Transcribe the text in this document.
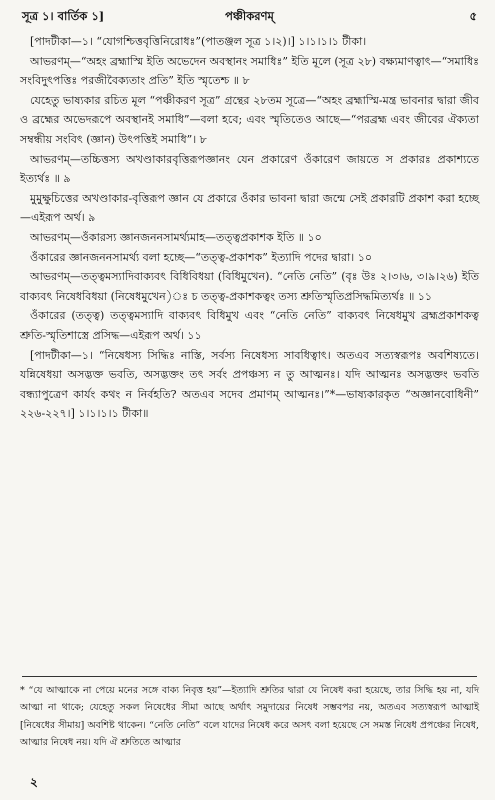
সূত্র ১। বার্তিক ১]	পঞ্চীকরণম্	৫

[পাদটীকা—১। “যোগশ্চিত্তবৃত্তিনিরোধঃ”(পাতঞ্জল সূত্র ১।২)।] ১।১।১।১ টীকা।

আভরণম্—“অহং ব্রহ্মাস্মি ইতি অভেদেন অবস্থানং সমাধিঃ” ইতি মূলে (সূত্র ২৮) বক্ষ্যমাণত্বাৎ—“সমাধিঃ সংবিদুৎপত্তিঃ পরজীবৈক্যতাং প্রতি” ইতি স্মৃতেশ্চ ॥ ৮

যেহেতু ভাষ্যকার রচিত মূল “পঞ্চীকরণ সূত্র” গ্রন্থের ২৮তম সূত্রে—“অহং ব্রহ্মাস্মি-মন্ত্র ভাবনার দ্বারা জীব ও ব্রহ্মের অভেদরূপে অবস্থানই সমাধি”—বলা হবে; এবং স্মৃতিতেও আছে—“পরব্রহ্ম এবং জীবের ঐক্যতা সম্বন্ধীয় সংবিৎ (জ্ঞান) উৎপত্তিই সমাধি”। ৮

আভরণম্—তচ্চিত্তস্য অখণ্ডাকারবৃত্তিরূপজ্ঞানং যেন প্রকারেণ ওঁকারেণ জায়তে স প্রকারঃ প্রকাশ্যতে ইত্যর্থঃ ॥ ৯

মুমুক্ষুচিত্তের অখণ্ডাকার-বৃত্তিরূপ জ্ঞান যে প্রকারে ওঁকার ভাবনা দ্বারা জন্মে সেই প্রকারটি প্রকাশ করা হচ্ছে—এইরূপ অর্থ। ৯

আভরণম্—ওঁকারস্য জ্ঞানজননসামর্থ্যমাহ—তত্ত্বপ্রকাশক ইতি ॥ ১০

ওঁকারের জ্ঞানজননসামর্থ্য বলা হচ্ছে—“তত্ত্ব-প্রকাশক” ইত্যাদি পদের দ্বারা। ১০

আভরণম্—তত্ত্বমস্যাদিবাক্যবৎ বিধিবিধয়া (বিধিমুখেন). “নেতি নেতি” (বৃঃ উঃ ২।৩।৬, ৩।৯।২৬) ইতি বাক্যবৎ নিষেধবিধয়া (নিষেধমুখেন)ঃ চ তত্ত্ব-প্রকাশকত্বং তস্য শ্রুতিস্মৃতিপ্রসিদ্ধমিত্যর্থঃ ॥ ১১

ওঁকারের (তত্ত্ব) তত্ত্বমস্যাদি বাক্যবৎ বিধিমুখ এবং “নেতি নেতি” বাক্যবৎ নিষেধমুখ ব্রহ্মপ্রকাশকত্ব শ্রুতি-স্মৃতিশাস্ত্রে প্রসিদ্ধ—এইরূপ অর্থ। ১১

[পাদটীকা—১। “নিষেধস্য সিদ্ধিঃ নাস্তি, সর্বস্য নিষেধস্য সাবধিত্বাৎ। অতএব সত্যস্বরূপঃ অবশিষ্যতে। যন্নিষেধয়া অসদ্ভক্ত ভবতি, অসদ্ভক্তং তৎ সর্বং প্রপঞ্চস্য ন তু আত্মনঃ। যদি আত্মনঃ অসদ্ভক্তং ভবতি বন্ধ্যাপুত্রেণ কার্যং কথং ন নির্বহতি? অতএব সদেব প্রমাণম্ আত্মনঃ।”*—ভাষ্যকারকৃত “অজ্ঞানবোধিনী” ২২৬-২২৭।] ১।১।১।১ টীকা॥

* “যে আত্মাকে না পেয়ে মনের সঙ্গে বাক্য নিবৃত্ত হয়”—ইত্যাদি শ্রুতির দ্বারা যে নিষেধ করা হয়েছে, তার সিদ্ধি হয় না, যদি আত্মা না থাকে; যেহেতু সকল নিষেধের সীমা আছে অর্থাৎ সমুদায়ের নিষেধ সম্ভবপর নয়, অতএব সত্যস্বরূপ আত্মাই [নিষেধের সীমায়] অবশিষ্ট থাকেন। “নেতি নেতি” বলে যাদের নিষেধ করে অসৎ বলা হয়েছে সে সমস্ত নিষেধ প্রপঞ্চের নিষেধ, আত্মার নিষেধ নয়। যদি ঐ শ্রুতিতে আত্মার

২
